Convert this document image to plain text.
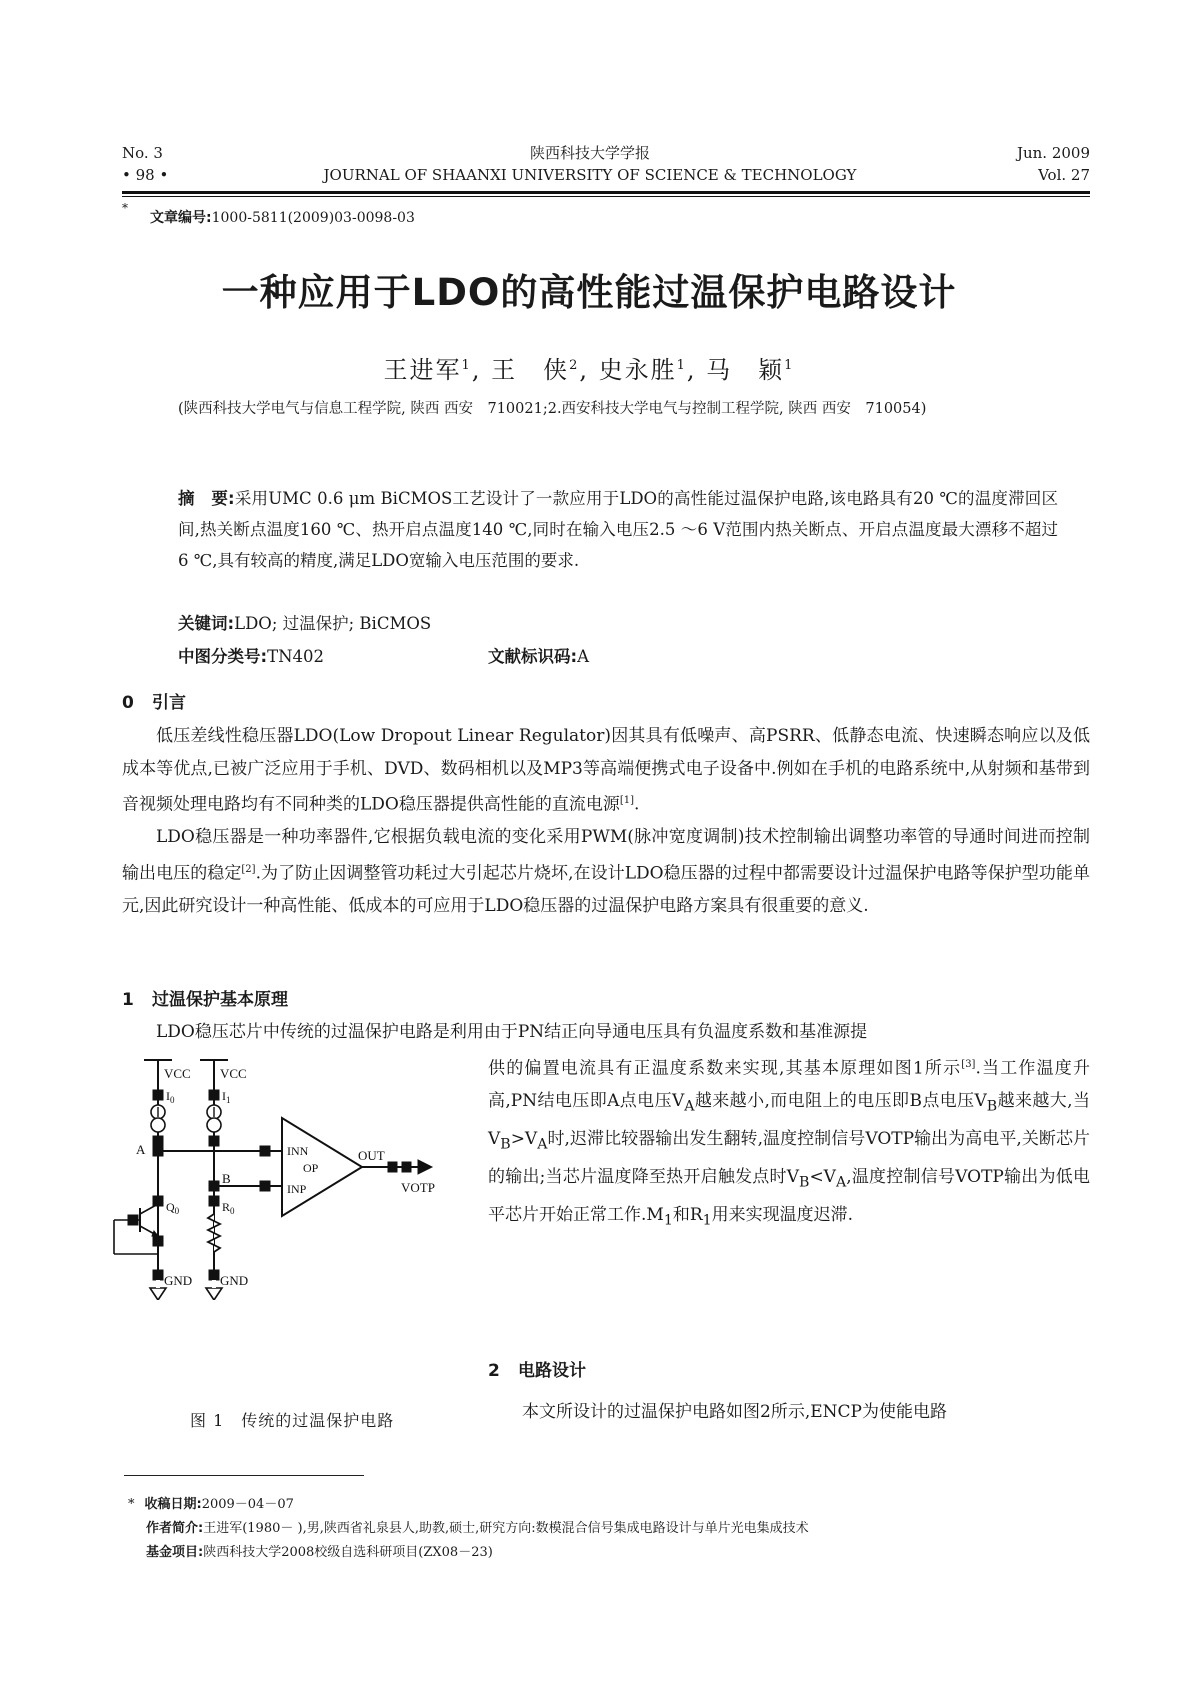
No. 3
• 98 •
陕西科技大学学报
JOURNAL OF SHAANXI UNIVERSITY OF SCIENCE & TECHNOLOGY
Jun. 2009
Vol. 27
*
文章编号:1000-5811(2009)03-0098-03
一种应用于LDO的高性能过温保护电路设计
王进军$^1$, 王　侠$^2$, 史永胜$^1$, 马　颖$^1$
(陕西科技大学电气与信息工程学院, 陕西 西安　710021;2.西安科技大学电气与控制工程学院, 陕西 西安　710054)
摘　要:采用UMC 0.6 μm BiCMOS工艺设计了一款应用于LDO的高性能过温保护电路,该电路具有20 ℃的温度滞回区间,热关断点温度160 ℃、热开启点温度140 ℃,同时在输入电压2.5 ～6 V范围内热关断点、开启点温度最大漂移不超过6 ℃,具有较高的精度,满足LDO宽输入电压范围的要求.
关键词:LDO; 过温保护; BiCMOS
中图分类号:TN402	文献标识码:A
0 引言

低压差线性稳压器LDO(Low Dropout Linear Regulator)因其具有低噪声、高PSRR、低静态电流、快速瞬态响应以及低成本等优点,已被广泛应用于手机、DVD、数码相机以及MP3等高端便携式电子设备中.例如在手机的电路系统中,从射频和基带到音视频处理电路均有不同种类的LDO稳压器提供高性能的直流电源[1].

LDO稳压器是一种功率器件,它根据负载电流的变化采用PWM(脉冲宽度调制)技术控制输出调整功率管的导通时间进而控制输出电压的稳定[2].为了防止因调整管功耗过大引起芯片烧坏,在设计LDO稳压器的过程中都需要设计过温保护电路等保护型功能单元,因此研究设计一种高性能、低成本的可应用于LDO稳压器的过温保护电路方案具有很重要的意义.

1 过温保护基本原理

LDO稳压芯片中传统的过温保护电路是利用由于PN结正向导通电压具有负温度系数和基准源提

供的偏置电流具有正温度系数来实现,其基本原理如图1所示[3].当工作温度升高,PN结电压即A点电压$V_A$越来越小,而电阻上的电压即B点电压$V_B$越来越大,当$V_B>V_A$时,迟滞比较器输出发生翻转,温度控制信号VOTP输出为高电平,关断芯片的输出;当芯片温度降至热开启触发点时$V_B<V_A$,温度控制信号VOTP输出为低电平芯片开始正常工作$.M_1$和$R_1$用来实现温度迟滞.

VCC VCC
$I_0$	$I_1$
A
B
INN
OP
INP
OUT
VOTP
$Q_0$	$R_0$
GND GND
图 1　传统的过温保护电路
2 电路设计

本文所设计的过温保护电路如图2所示,ENCP为使能电路

* 收稿日期:2009－04－07
作者简介:王进军(1980－ ),男,陕西省礼泉县人,助教,硕士,研究方向:数模混合信号集成电路设计与单片光电集成技术
基金项目:陕西科技大学2008校级自选科研项目(ZX08－23)
